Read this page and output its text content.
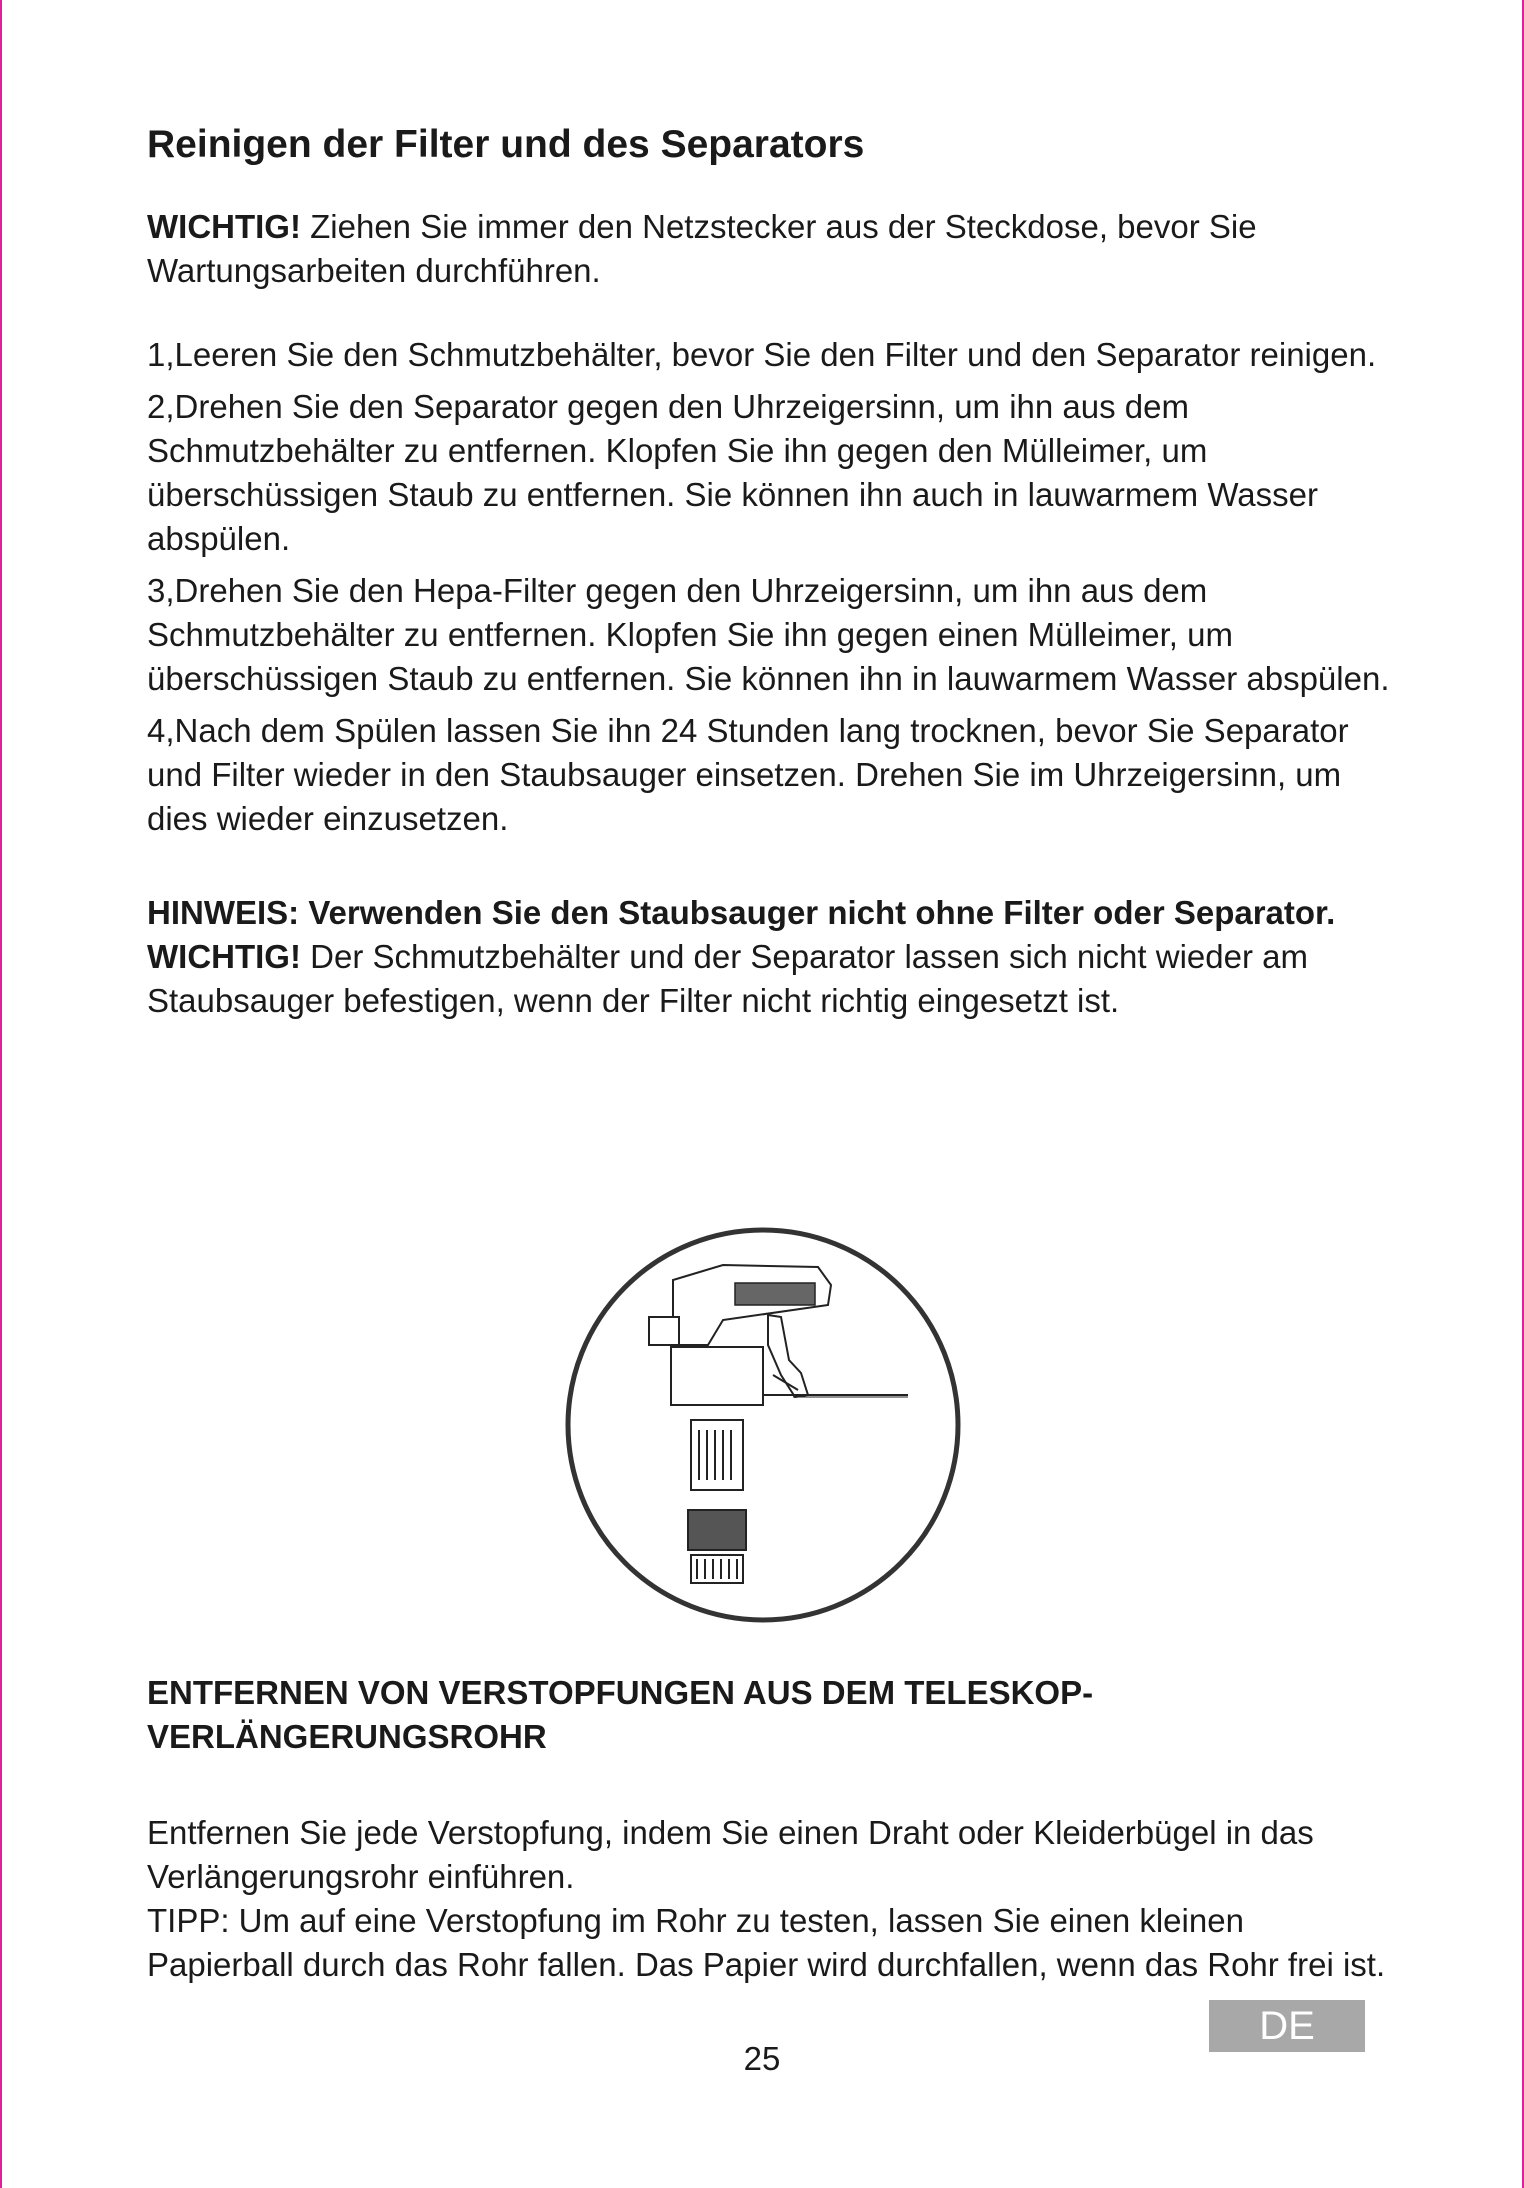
Reinigen der Filter und des Separators

WICHTIG! Ziehen Sie immer den Netzstecker aus der Steckdose, bevor Sie Wartungsarbeiten durchführen.

1,Leeren Sie den Schmutzbehälter, bevor Sie den Filter und den Separator reinigen.

2,Drehen Sie den Separator gegen den Uhrzeigersinn, um ihn aus dem Schmutzbehälter zu entfernen. Klopfen Sie ihn gegen den Mülleimer, um überschüssigen Staub zu entfernen. Sie können ihn auch in lauwarmem Wasser abspülen.

3,Drehen Sie den Hepa-Filter gegen den Uhrzeigersinn, um ihn aus dem Schmutzbehälter zu entfernen. Klopfen Sie ihn gegen einen Mülleimer, um überschüssigen Staub zu entfernen. Sie können ihn in lauwarmem Wasser abspülen.

4,Nach dem Spülen lassen Sie ihn 24 Stunden lang trocknen, bevor Sie Separator und Filter wieder in den Staubsauger einsetzen. Drehen Sie im Uhrzeigersinn, um dies wieder einzusetzen.

HINWEIS: Verwenden Sie den Staubsauger nicht ohne Filter oder Separator.

WICHTIG! Der Schmutzbehälter und der Separator lassen sich nicht wieder am Staubsauger befestigen, wenn der Filter nicht richtig eingesetzt ist.

ENTFERNEN VON VERSTOPFUNGEN AUS DEM TELESKOP-VERLÄNGERUNGSROHR

Entfernen Sie jede Verstopfung, indem Sie einen Draht oder Kleiderbügel in das Verlängerungsrohr einführen.

TIPP: Um auf eine Verstopfung im Rohr zu testen, lassen Sie einen kleinen Papierball durch das Rohr fallen. Das Papier wird durchfallen, wenn das Rohr frei ist.

25
DE
